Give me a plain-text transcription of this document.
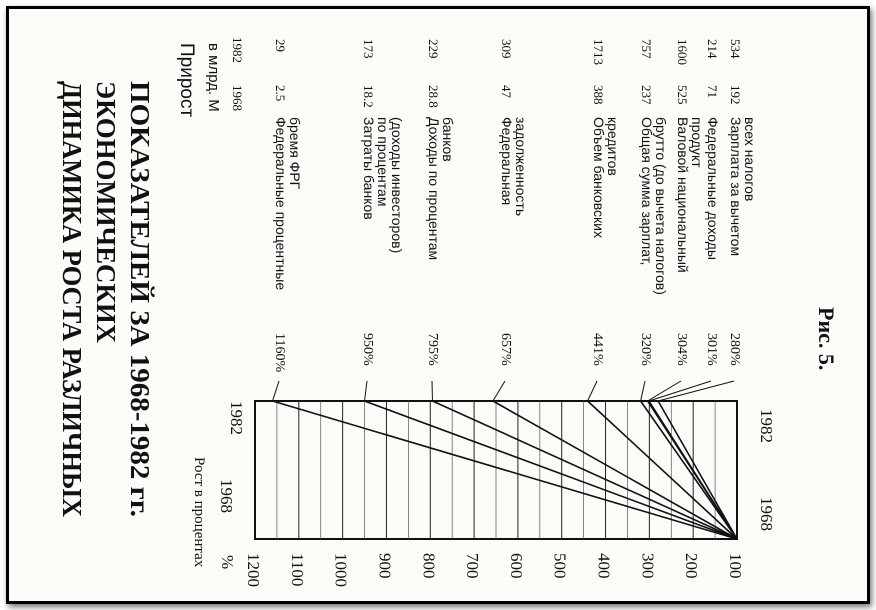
ДИНАМИКА РОСТА РАЗЛИЧНЫХ ЭКОНОМИЧЕСКИХ ПОКАЗАТЕЛЕЙ ЗА 1968-1982 гг.
100
200
300
400
500
600
700
800
900
1000
1100
1200
Рост в процентах %
1968
1982
1968
1982
1160%
Федеральные процентные
бремя ФРГ
29
2.5
950%
Затраты банков
по процентам
(доходы инвесторов)
173
18.2
795%
Доходы по процентам
банков
229
28.8
657%
Федеральная
задолженность
309
47
441%
Объем банковских
кредитов
1713
388
320%
Общая сумма зарплат,
брутто (до вычета налогов)
757
237
304%
Валовой национальный
продукт
1600
525
301%
Федеральные доходы
214
71
280%
Зарплата за вычетом
всех налогов
534
192
Прирост в млрд. М 1968
1982
Рис. 5.
